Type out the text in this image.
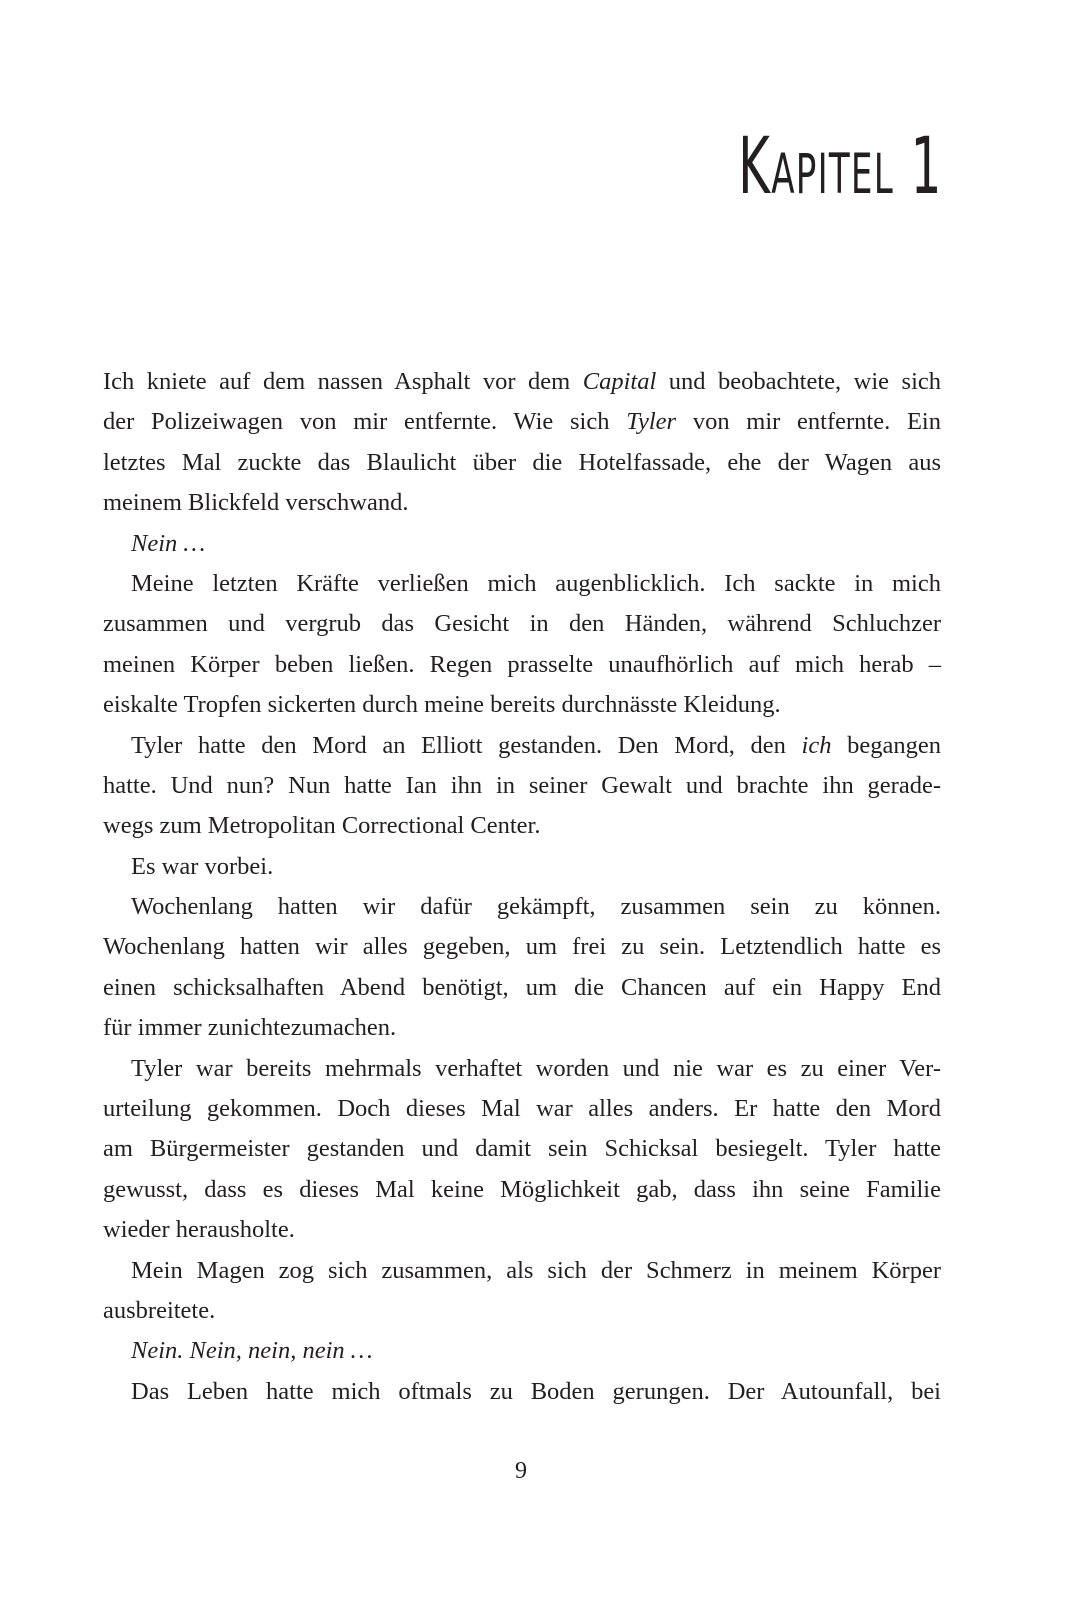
Kapitel 1
Ich kniete auf dem nassen Asphalt vor dem Capital und beobachtete, wie sich
der Polizeiwagen von mir entfernte. Wie sich Tyler von mir entfernte. Ein
letztes Mal zuckte das Blaulicht über die Hotelfassade, ehe der Wagen aus
meinem Blickfeld verschwand.
Nein …
Meine letzten Kräfte verließen mich augenblicklich. Ich sackte in mich
zusammen und vergrub das Gesicht in den Händen, während Schluchzer
meinen Körper beben ließen. Regen prasselte unaufhörlich auf mich herab –
eiskalte Tropfen sickerten durch meine bereits durchnässte Kleidung.
Tyler hatte den Mord an Elliott gestanden. Den Mord, den ich begangen
hatte. Und nun? Nun hatte Ian ihn in seiner Gewalt und brachte ihn gerade-
wegs zum Metropolitan Correctional Center.
Es war vorbei.
Wochenlang hatten wir dafür gekämpft, zusammen sein zu können.
Wochenlang hatten wir alles gegeben, um frei zu sein. Letztendlich hatte es
einen schicksalhaften Abend benötigt, um die Chancen auf ein Happy End
für immer zunichtezumachen.
Tyler war bereits mehrmals verhaftet worden und nie war es zu einer Ver-
urteilung gekommen. Doch dieses Mal war alles anders. Er hatte den Mord
am Bürgermeister gestanden und damit sein Schicksal besiegelt. Tyler hatte
gewusst, dass es dieses Mal keine Möglichkeit gab, dass ihn seine Familie
wieder herausholte.
Mein Magen zog sich zusammen, als sich der Schmerz in meinem Körper
ausbreitete.
Nein. Nein, nein, nein …
Das Leben hatte mich oftmals zu Boden gerungen. Der Autounfall, bei
9
